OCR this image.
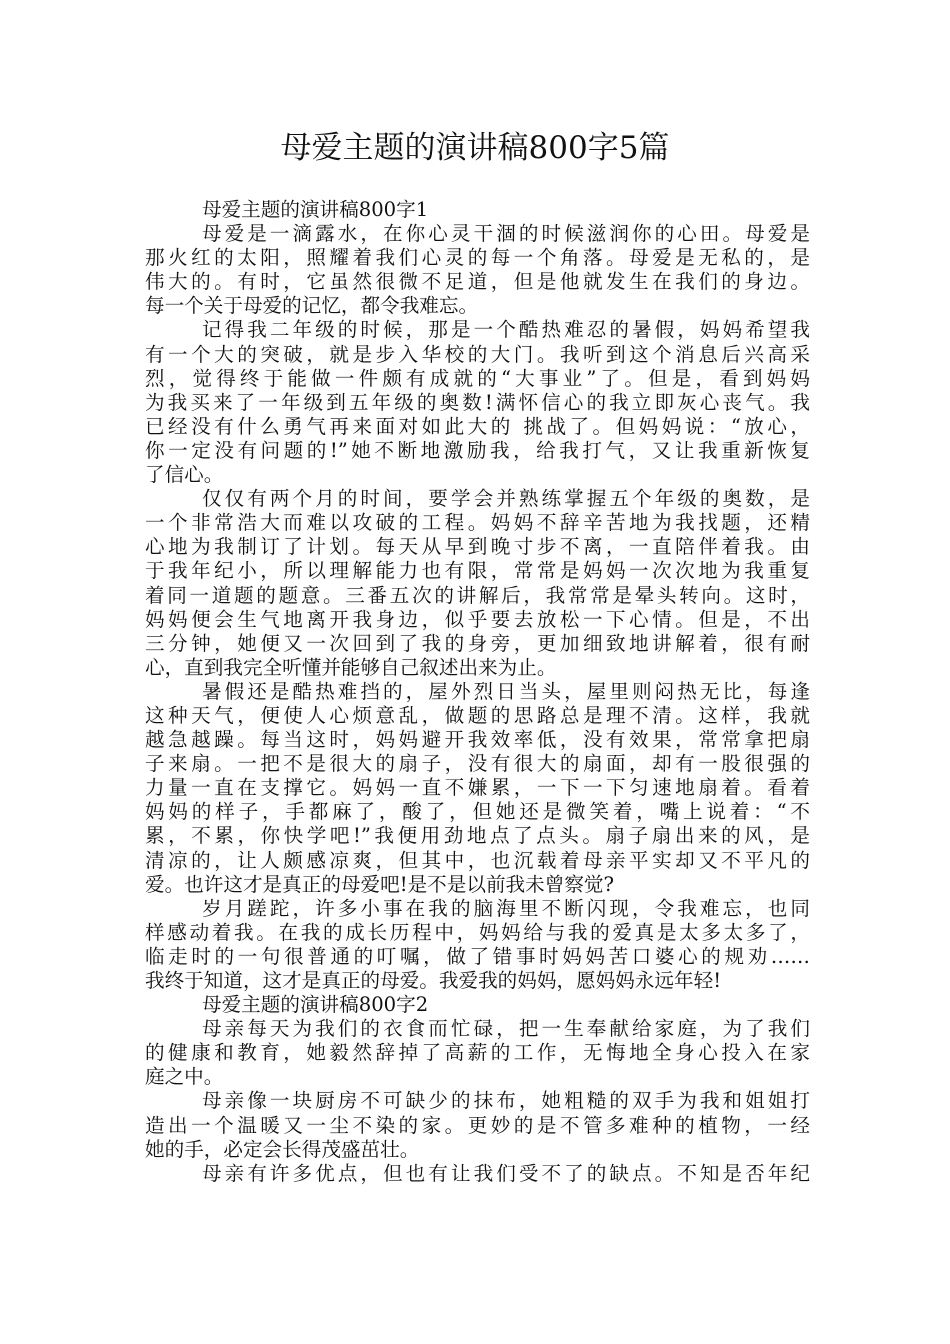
母爱主题的演讲稿800字5篇
母爱主题的演讲稿800字1
母爱是一滴露水，在你心灵干涸的时候滋润你的心田。母爱是
那火红的太阳，照耀着我们心灵的每一个角落。母爱是无私的，是
伟大的。有时，它虽然很微不足道，但是他就发生在我们的身边。
每一个关于母爱的记忆，都令我难忘。
记得我二年级的时候，那是一个酷热难忍的暑假，妈妈希望我
有一个大的突破，就是步入华校的大门。我听到这个消息后兴高采
烈，觉得终于能做一件颇有成就的“大事业”了。但是，看到妈妈
为我买来了一年级到五年级的奥数!满怀信心的我立即灰心丧气。我
已经没有什么勇气再来面对如此大的 挑战了。但妈妈说：“放心，
你一定没有问题的!”她不断地激励我，给我打气，又让我重新恢复
了信心。
仅仅有两个月的时间，要学会并熟练掌握五个年级的奥数，是
一个非常浩大而难以攻破的工程。妈妈不辞辛苦地为我找题，还精
心地为我制订了计划。每天从早到晚寸步不离，一直陪伴着我。由
于我年纪小，所以理解能力也有限，常常是妈妈一次次地为我重复
着同一道题的题意。三番五次的讲解后，我常常是晕头转向。这时，
妈妈便会生气地离开我身边，似乎要去放松一下心情。但是，不出
三分钟，她便又一次回到了我的身旁，更加细致地讲解着，很有耐
心，直到我完全听懂并能够自己叙述出来为止。
暑假还是酷热难挡的，屋外烈日当头，屋里则闷热无比，每逢
这种天气，便使人心烦意乱，做题的思路总是理不清。这样，我就
越急越躁。每当这时，妈妈避开我效率低，没有效果，常常拿把扇
子来扇。一把不是很大的扇子，没有很大的扇面，却有一股很强的
力量一直在支撑它。妈妈一直不嫌累，一下一下匀速地扇着。看着
妈妈的样子，手都麻了，酸了，但她还是微笑着，嘴上说着：“不
累，不累，你快学吧!”我便用劲地点了点头。扇子扇出来的风，是
清凉的，让人颇感凉爽，但其中，也沉载着母亲平实却又不平凡的
爱。也许这才是真正的母爱吧!是不是以前我未曾察觉?
岁月蹉跎，许多小事在我的脑海里不断闪现，令我难忘，也同
样感动着我。在我的成长历程中，妈妈给与我的爱真是太多太多了，
临走时的一句很普通的叮嘱，做了错事时妈妈苦口婆心的规劝……
我终于知道，这才是真正的母爱。我爱我的妈妈，愿妈妈永远年轻!
母爱主题的演讲稿800字2
母亲每天为我们的衣食而忙碌，把一生奉献给家庭，为了我们
的健康和教育，她毅然辞掉了高薪的工作，无悔地全身心投入在家
庭之中。
母亲像一块厨房不可缺少的抹布，她粗糙的双手为我和姐姐打
造出一个温暖又一尘不染的家。更妙的是不管多难种的植物，一经
她的手，必定会长得茂盛茁壮。
母亲有许多优点，但也有让我们受不了的缺点。不知是否年纪
